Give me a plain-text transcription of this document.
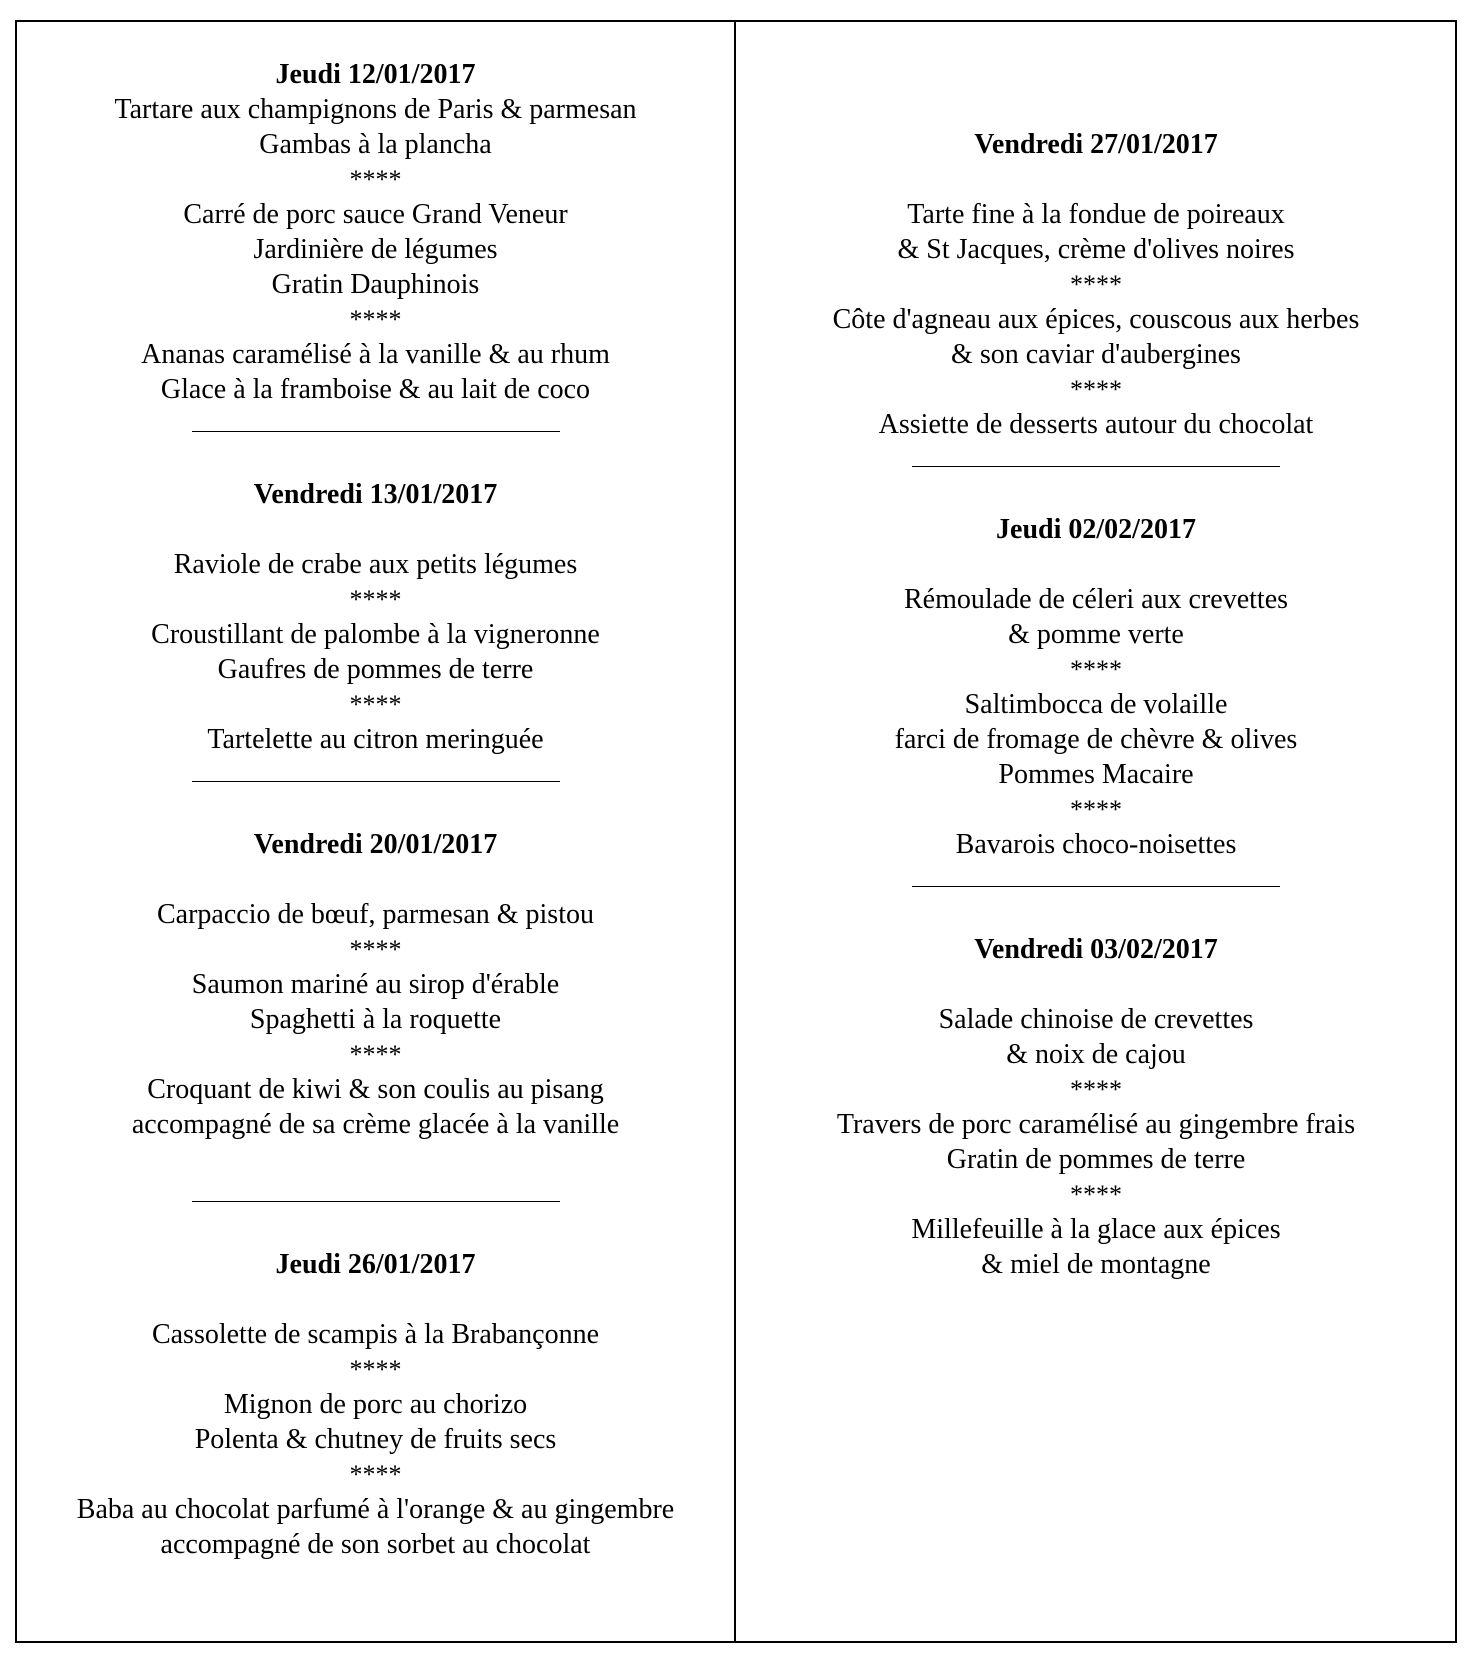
Jeudi 12/01/2017
Tartare aux champignons de Paris & parmesan
Gambas à la plancha
****
Carré de porc sauce Grand Veneur
Jardinière de légumes
Gratin Dauphinois
****
Ananas caramélisé à la vanille & au rhum
Glace à la framboise & au lait de coco
Vendredi 13/01/2017
Raviole de crabe aux petits légumes
****
Croustillant de palombe à la vigneronne
Gaufres de pommes de terre
****
Tartelette au citron meringuée
Vendredi 20/01/2017
Carpaccio de bœuf, parmesan & pistou
****
Saumon mariné au sirop d'érable
Spaghetti à la roquette
****
Croquant de kiwi & son coulis au pisang
accompagné de sa crème glacée à la vanille
Jeudi 26/01/2017
Cassolette de scampis à la Brabançonne
****
Mignon de porc au chorizo
Polenta & chutney de fruits secs
****
Baba au chocolat parfumé à l'orange & au gingembre
accompagné de son sorbet au chocolat
Vendredi 27/01/2017
Tarte fine à la fondue de poireaux
& St Jacques, crème d'olives noires
****
Côte d'agneau aux épices, couscous aux herbes
& son caviar d'aubergines
****
Assiette de desserts autour du chocolat
Jeudi 02/02/2017
Rémoulade de céleri aux crevettes
& pomme verte
****
Saltimbocca de volaille
farci de fromage de chèvre & olives
Pommes Macaire
****
Bavarois choco-noisettes
Vendredi 03/02/2017
Salade chinoise de crevettes
& noix de cajou
****
Travers de porc caramélisé au gingembre frais
Gratin de pommes de terre
****
Millefeuille à la glace aux épices
& miel de montagne
